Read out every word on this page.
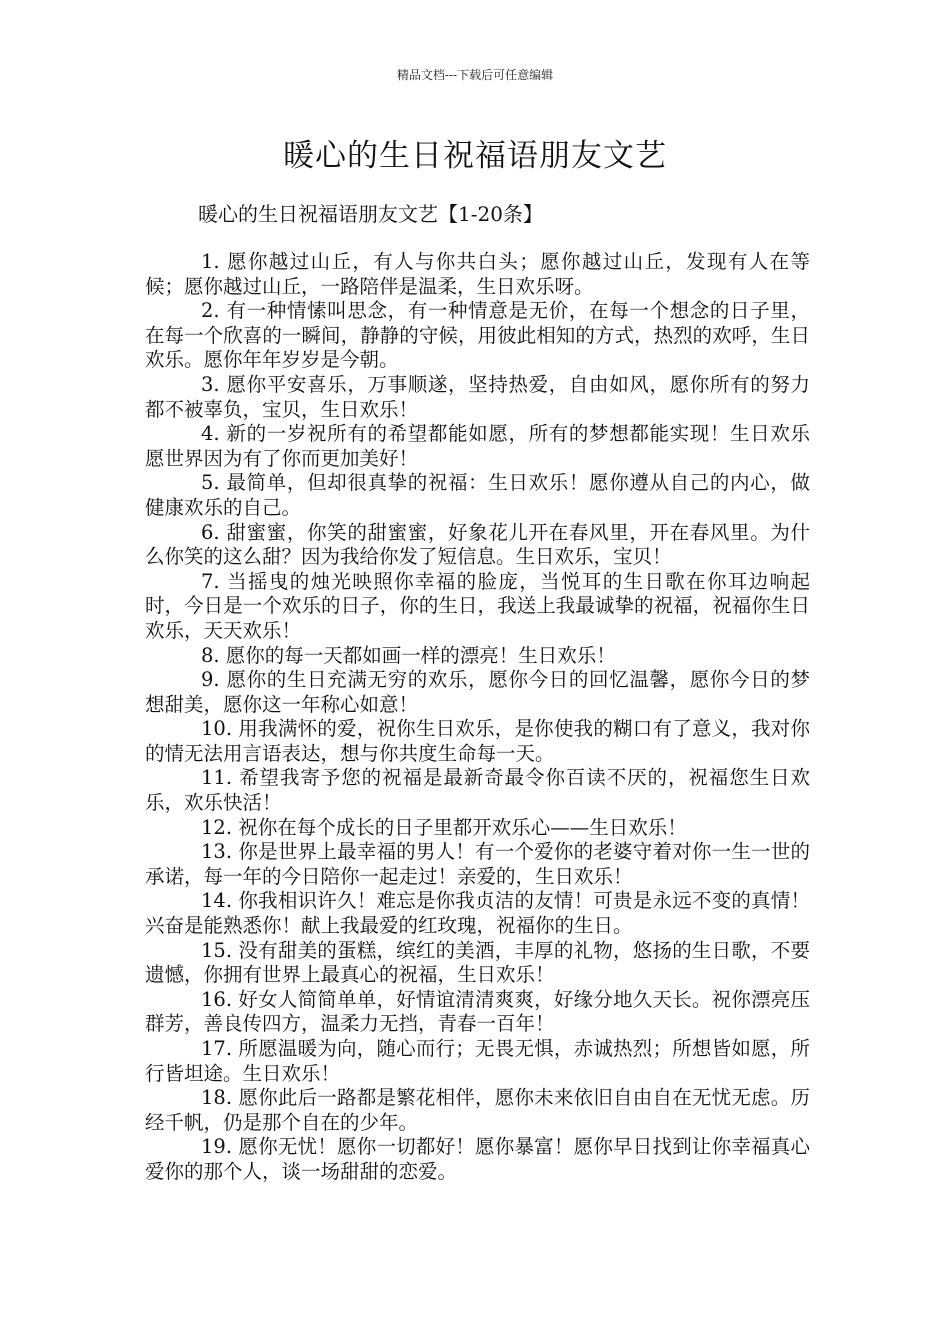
精品文档---下载后可任意编辑
暖心的生日祝福语朋友文艺
暖心的生日祝福语朋友文艺【1-20条】

1. 愿你越过山丘，有人与你共白头；愿你越过山丘，发现有人在等候；愿你越过山丘，一路陪伴是温柔，生日欢乐呀。

2. 有一种情愫叫思念，有一种情意是无价，在每一个想念的日子里，在每一个欣喜的一瞬间，静静的守候，用彼此相知的方式，热烈的欢呼，生日欢乐。愿你年年岁岁是今朝。

3. 愿你平安喜乐，万事顺遂，坚持热爱，自由如风，愿你所有的努力都不被辜负，宝贝，生日欢乐！

4. 新的一岁祝所有的希望都能如愿，所有的梦想都能实现！生日欢乐 愿世界因为有了你而更加美好！

5. 最简单，但却很真挚的祝福：生日欢乐！愿你遵从自己的内心，做健康欢乐的自己。

6. 甜蜜蜜，你笑的甜蜜蜜，好象花儿开在春风里，开在春风里。为什么你笑的这么甜？因为我给你发了短信息。生日欢乐，宝贝！

7. 当摇曳的烛光映照你幸福的脸庞，当悦耳的生日歌在你耳边响起时，今日是一个欢乐的日子，你的生日，我送上我最诚挚的祝福，祝福你生日欢乐，天天欢乐！

8. 愿你的每一天都如画一样的漂亮！生日欢乐！

9. 愿你的生日充满无穷的欢乐，愿你今日的回忆温馨，愿你今日的梦想甜美，愿你这一年称心如意！

10. 用我满怀的爱，祝你生日欢乐，是你使我的糊口有了意义，我对你的情无法用言语表达，想与你共度生命每一天。

11. 希望我寄予您的祝福是最新奇最令你百读不厌的，祝福您生日欢乐，欢乐快活！

12. 祝你在每个成长的日子里都开欢乐心——生日欢乐！

13. 你是世界上最幸福的男人！有一个爱你的老婆守着对你一生一世的承诺，每一年的今日陪你一起走过！亲爱的，生日欢乐！

14. 你我相识许久！难忘是你我贞洁的友情！可贵是永远不变的真情！兴奋是能熟悉你！献上我最爱的红玫瑰，祝福你的生日。

15. 没有甜美的蛋糕，缤红的美酒，丰厚的礼物，悠扬的生日歌，不要遗憾，你拥有世界上最真心的祝福，生日欢乐！

16. 好女人简简单单，好情谊清清爽爽，好缘分地久天长。祝你漂亮压群芳，善良传四方，温柔力无挡，青春一百年！

17. 所愿温暖为向，随心而行；无畏无惧，赤诚热烈；所想皆如愿，所行皆坦途。生日欢乐！

18. 愿你此后一路都是繁花相伴，愿你未来依旧自由自在无忧无虑。历经千帆，仍是那个自在的少年。

19. 愿你无忧！愿你一切都好！愿你暴富！愿你早日找到让你幸福真心爱你的那个人，谈一场甜甜的恋爱。
